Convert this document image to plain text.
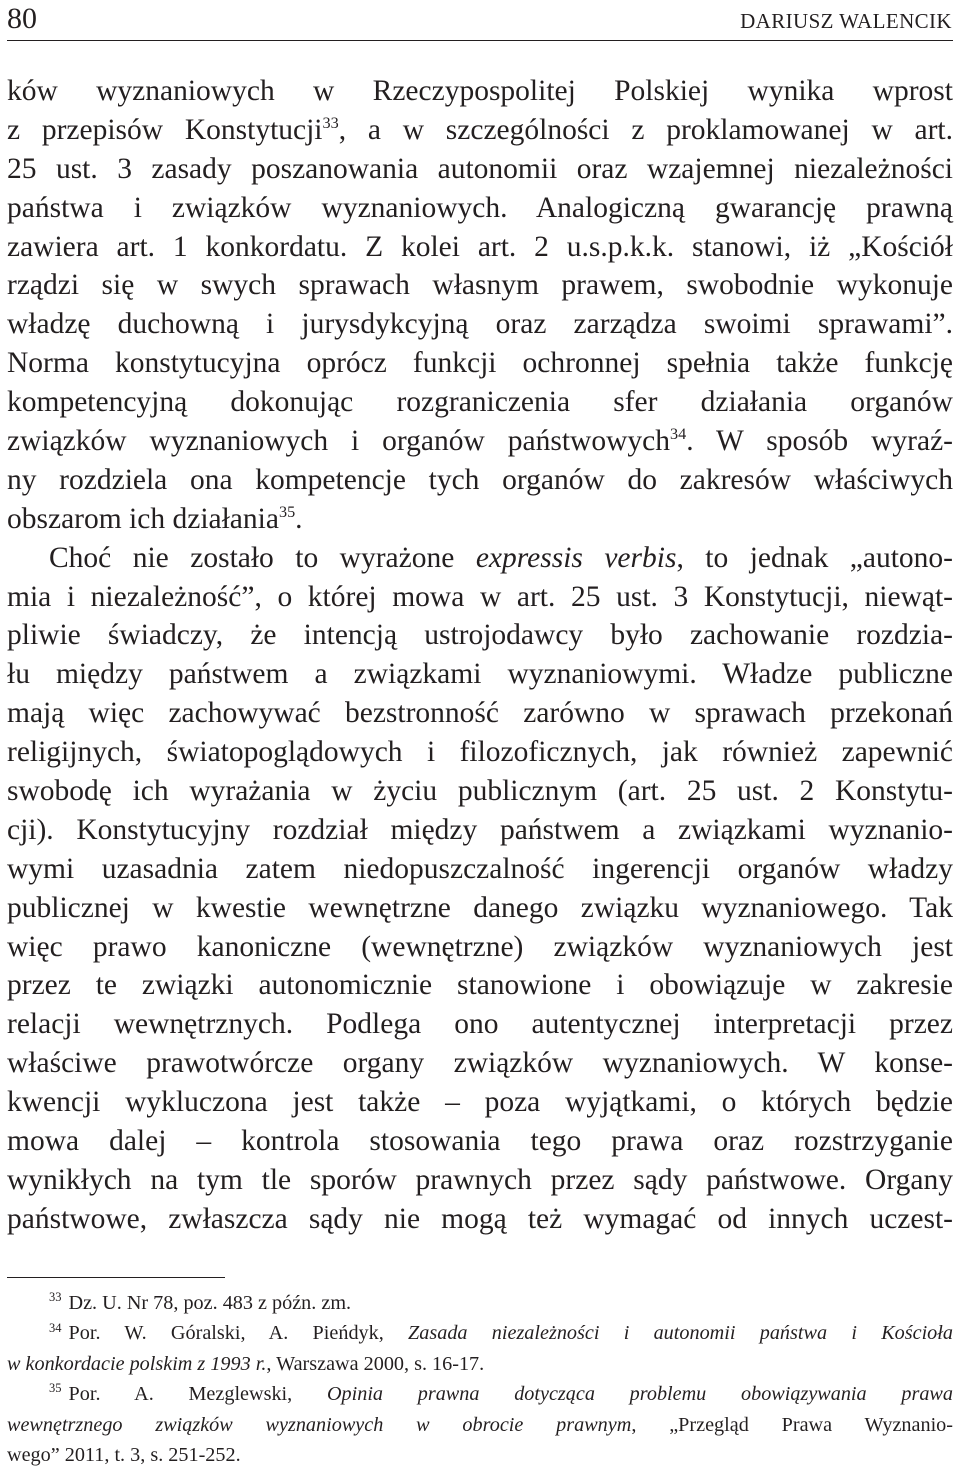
80	DARIUSZ WALENCIK
ków wyznaniowych w Rzeczypospolitej Polskiej wynika wprost
z przepisów Konstytucji$^{33}$, a w szczególności z proklamowanej w art.
25 ust. 3 zasady poszanowania autonomii oraz wzajemnej niezależności
państwa i związków wyznaniowych. Analogiczną gwarancję prawną
zawiera art. 1 konkordatu. Z kolei art. 2 u.s.p.k.k. stanowi, iż „Kościół
rządzi się w swych sprawach własnym prawem, swobodnie wykonuje
władzę duchowną i jurysdykcyjną oraz zarządza swoimi sprawami”.
Norma konstytucyjna oprócz funkcji ochronnej spełnia także funkcję
kompetencyjną dokonując rozgraniczenia sfer działania organów
związków wyznaniowych i organów państwowych$^{34}$. W sposób wyraź-
ny rozdziela ona kompetencje tych organów do zakresów właściwych
obszarom ich działania$^{35}$.
Choć nie zostało to wyrażone expressis verbis, to jednak „autono-
mia i niezależność”, o której mowa w art. 25 ust. 3 Konstytucji, niewąt-
pliwie świadczy, że intencją ustrojodawcy było zachowanie rozdzia-
łu między państwem a związkami wyznaniowymi. Władze publiczne
mają więc zachowywać bezstronność zarówno w sprawach przekonań
religijnych, światopoglądowych i filozoficznych, jak również zapewnić
swobodę ich wyrażania w życiu publicznym (art. 25 ust. 2 Konstytu-
cji). Konstytucyjny rozdział między państwem a związkami wyznanio-
wymi uzasadnia zatem niedopuszczalność ingerencji organów władzy
publicznej w kwestie wewnętrzne danego związku wyznaniowego. Tak
więc prawo kanoniczne (wewnętrzne) związków wyznaniowych jest
przez te związki autonomicznie stanowione i obowiązuje w zakresie
relacji wewnętrznych. Podlega ono autentycznej interpretacji przez
właściwe prawotwórcze organy związków wyznaniowych. W konse-
kwencji wykluczona jest także – poza wyjątkami, o których będzie
mowa dalej – kontrola stosowania tego prawa oraz rozstrzyganie
wynikłych na tym tle sporów prawnych przez sądy państwowe. Organy
państwowe, zwłaszcza sądy nie mogą też wymagać od innych uczest-
$^{33}$ Dz. U. Nr 78, poz. 483 z późn. zm.
$^{34}$ Por. W. Góralski, A. Pieńdyk, Zasada niezależności i autonomii państwa i Kościoła
w konkordacie polskim z 1993 r., Warszawa 2000, s. 16-17.
$^{35}$ Por. A. Mezglewski, Opinia prawna dotycząca problemu obowiązywania prawa
wewnętrznego związków wyznaniowych w obrocie prawnym, „Przegląd Prawa Wyznanio-
wego” 2011, t. 3, s. 251-252.
